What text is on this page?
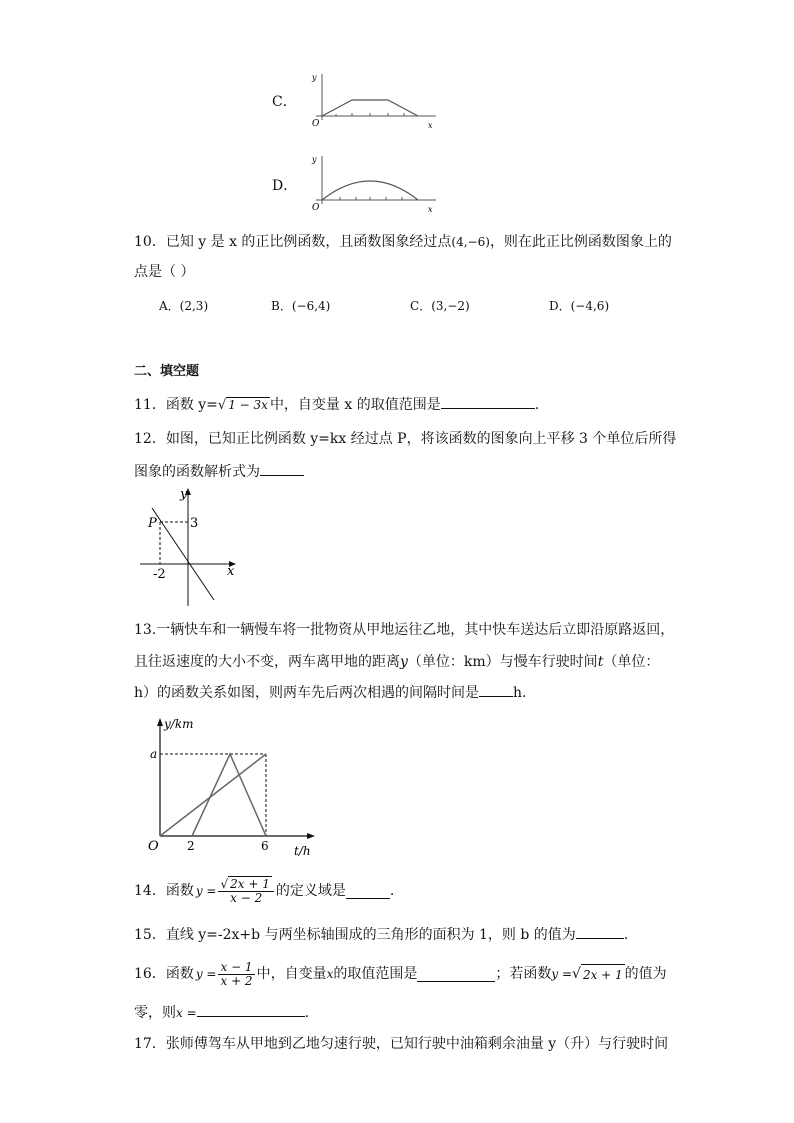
C．
y
O	x
D．
y
O	x
10．已知 y 是 x 的正比例函数，且函数图象经过点(4,−6)，则在此正比例函数图象上的
点是（ ）
A．(2,3)	B．(−6,4)	C．(3,−2)	D．(−4,6)
二、填空题
11．函数 y=√ 1 − 3x 中，自变量 x 的取值范围是	.
12．如图，已知正比例函数 y=kx 经过点 P，将该函数的图象向上平移 3 个单位后所得
图象的函数解析式为
y
x
P	3
-2
13.一辆快车和一辆慢车将一批物资从甲地运往乙地，其中快车送达后立即沿原路返回，
且往返速度的大小不变，两车离甲地的距离y（单位：km）与慢车行驶时间t（单位：
h）的函数关系如图，则两车先后两次相遇的间隔时间是 h.
y/km
a
O 2	6 t/h
14．函数 $y = \frac{√ 2x + 1}{x - 2}$ 的定义域是	.
15．直线 y=-2x+b 与两坐标轴围成的三角形的面积为 1，则 b 的值为	.
16．函数 $y = \frac{x - 1}{x + 2}$ 中，自变量 x 的取值范围是	；若函数 y = √ 2x + 1 的值为
零，则x =	.
17．张师傅驾车从甲地到乙地匀速行驶，已知行驶中油箱剩余油量 y（升）与行驶时间
